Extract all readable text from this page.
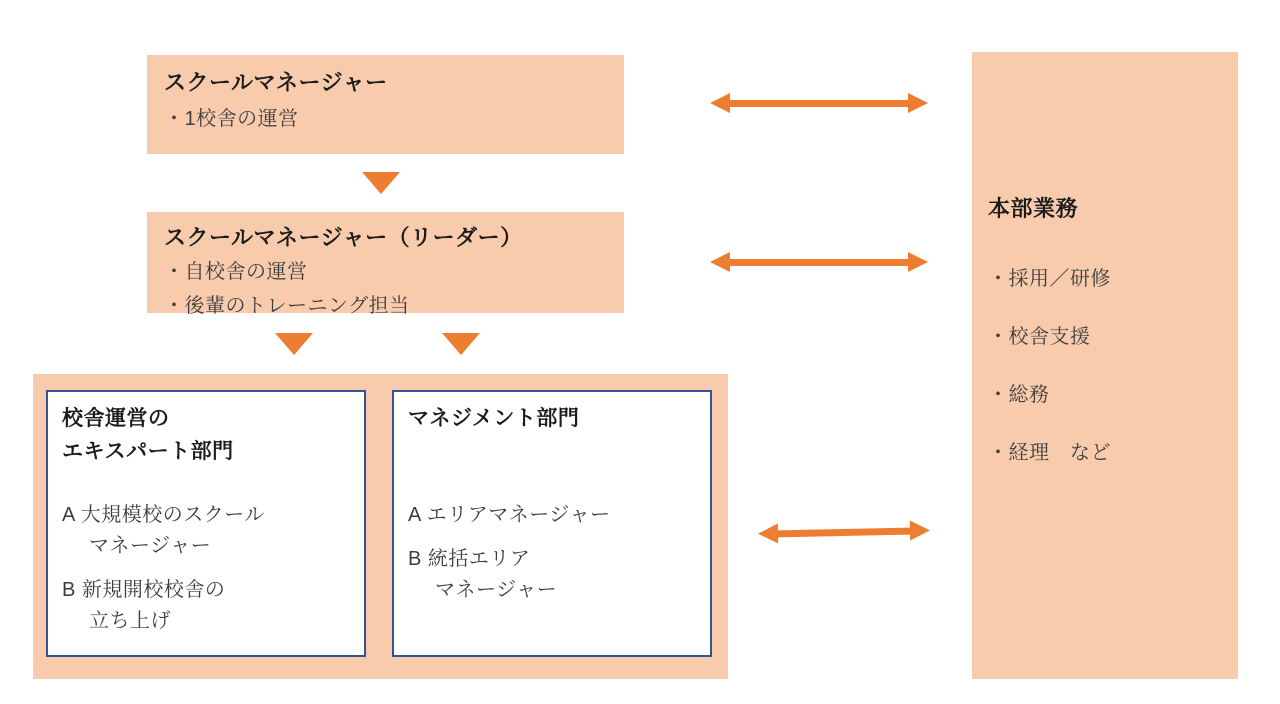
スクールマネージャー
・1校舎の運営
スクールマネージャー（リーダー）
・自校舎の運営
・後輩のトレーニング担当
校舎運営の
エキスパート部門
A 大規模校のスクール
マネージャー
B 新規開校校舎の
立ち上げ
マネジメント部門
A エリアマネージャー
B 統括エリア
マネージャー
本部業務
・採用／研修
・校舎支援
・総務
・経理　など
